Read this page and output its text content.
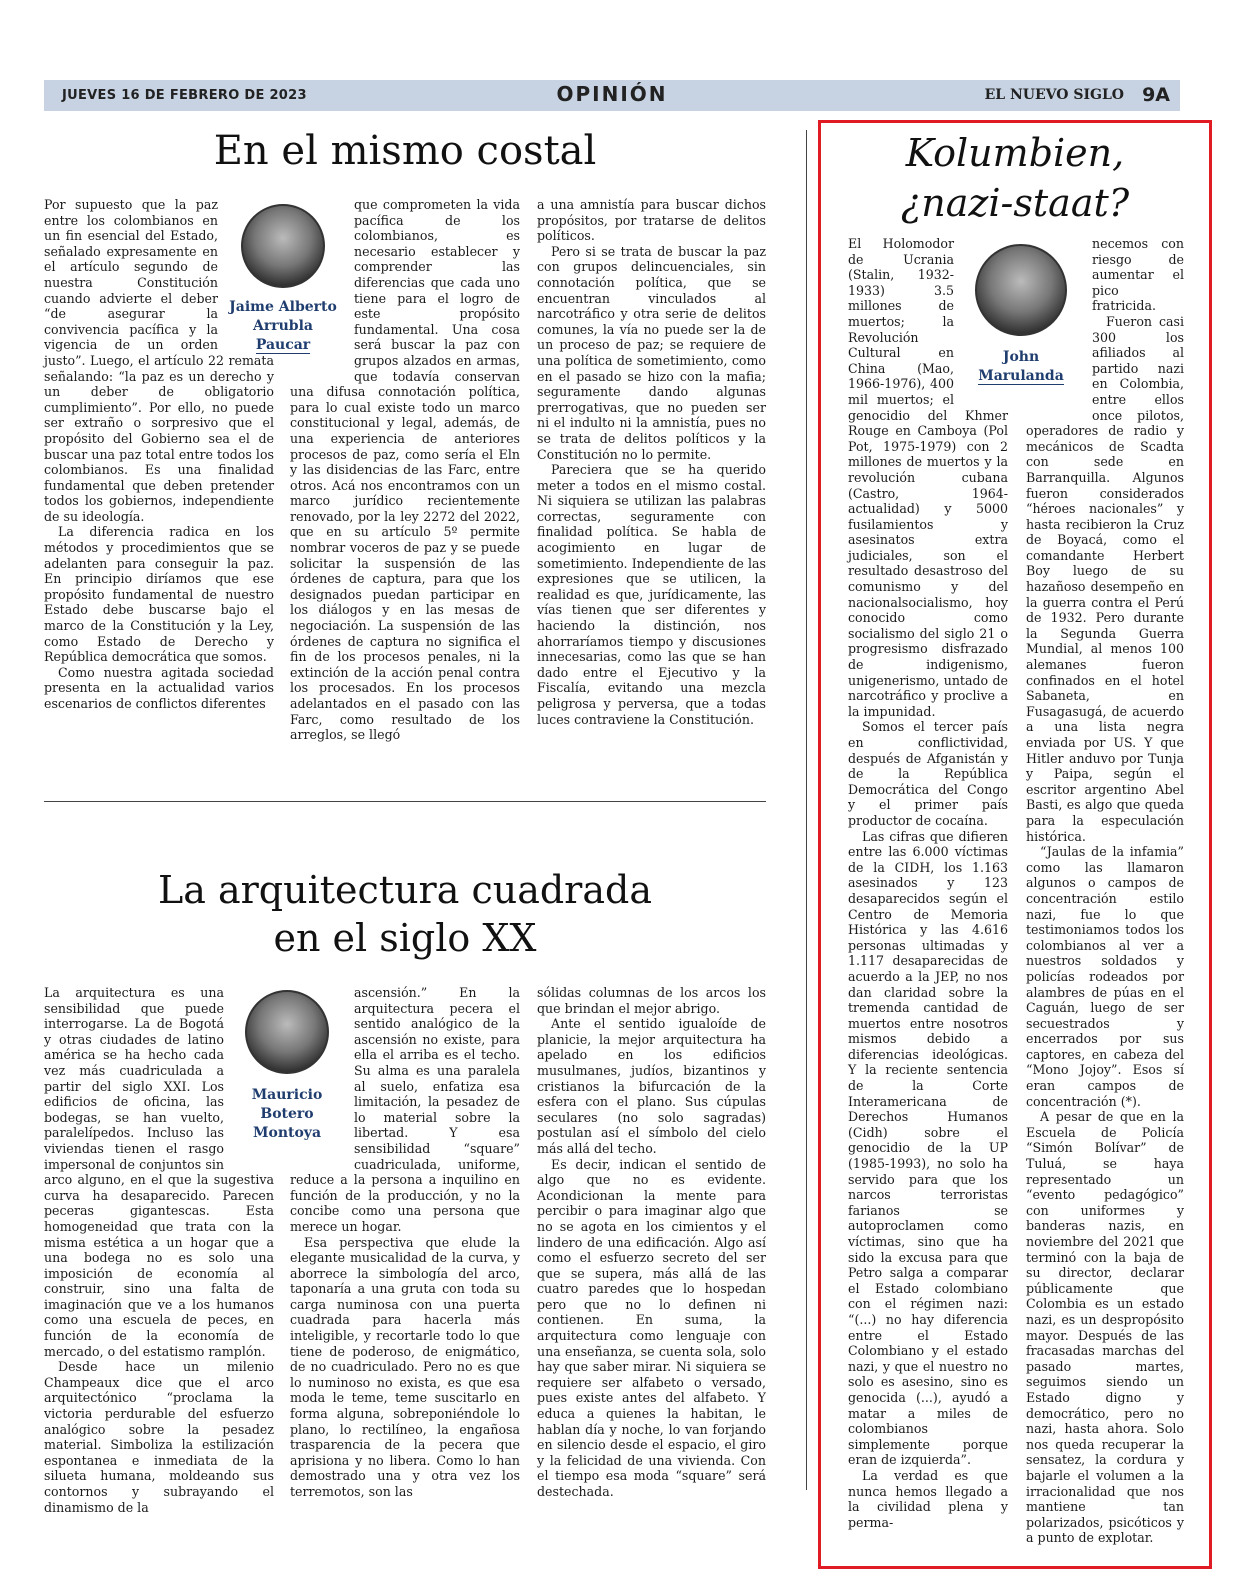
JUEVES 16 DE FEBRERO DE 2023	OPINIÓN	EL NUEVO SIGLO 9A
En el mismo costal
Jaime Alberto
Arrubla
Paucar

Por supuesto que la paz entre los colombianos en un fin esencial del Estado, señalado expresamente en el artículo segundo de nuestra Constitución cuando advierte el deber “de asegurar la convivencia pacífica y la vigencia de un orden justo”. Luego, el artículo 22 remata señalando: “la paz es un derecho y un deber de obligatorio cumplimiento”. Por ello, no puede ser extraño o sorpresivo que el propósito del Gobierno sea el de buscar una paz total entre todos los colombianos. Es una finalidad fundamental que deben pretender todos los gobiernos, independiente de su ideología.

La diferencia radica en los métodos y procedimientos que se adelanten para conseguir la paz. En principio diríamos que ese propósito fundamental de nuestro Estado debe buscarse bajo el marco de la Constitución y la Ley, como Estado de Derecho y República democrática que somos.

Como nuestra agitada sociedad presenta en la actualidad varios escenarios de conflictos diferentes

que comprometen la vida pacífica de los colombianos, es necesario establecer y comprender las diferencias que cada uno tiene para el logro de este propósito fundamental. Una cosa será buscar la paz con grupos alzados en armas, que todavía conservan una difusa connotación política, para lo cual existe todo un marco constitucional y legal, además, de una experiencia de anteriores procesos de paz, como sería el Eln y las disidencias de las Farc, entre otros. Acá nos encontramos con un marco jurídico recientemente renovado, por la ley 2272 del 2022, que en su artículo 5º permite nombrar voceros de paz y se puede solicitar la suspensión de las órdenes de captura, para que los designados puedan participar en los diálogos y en las mesas de negociación. La suspensión de las órdenes de captura no significa el fin de los procesos penales, ni la extinción de la acción penal contra los procesados. En los procesos adelantados en el pasado con las Farc, como resultado de los arreglos, se llegó

a una amnistía para buscar dichos propósitos, por tratarse de delitos políticos.

Pero si se trata de buscar la paz con grupos delincuenciales, sin connotación política, que se encuentran vinculados al narcotráfico y otra serie de delitos comunes, la vía no puede ser la de un proceso de paz; se requiere de una política de sometimiento, como en el pasado se hizo con la mafia; seguramente dando algunas prerrogativas, que no pueden ser ni el indulto ni la amnistía, pues no se trata de delitos políticos y la Constitución no lo permite.

Pareciera que se ha querido meter a todos en el mismo costal. Ni siquiera se utilizan las palabras correctas, seguramente con finalidad política. Se habla de acogimiento en lugar de sometimiento. Independiente de las expresiones que se utilicen, la realidad es que, jurídicamente, las vías tienen que ser diferentes y haciendo la distinción, nos ahorraríamos tiempo y discusiones innecesarias, como las que se han dado entre el Ejecutivo y la Fiscalía, evitando una mezcla peligrosa y perversa, que a todas luces contraviene la Constitución.

La arquitectura cuadrada
en el siglo XX
Mauricio
Botero
Montoya

La arquitectura es una sensibilidad que puede interrogarse. La de Bogotá y otras ciudades de latino américa se ha hecho cada vez más cuadriculada a partir del siglo XXI. Los edificios de oficina, las bodegas, se han vuelto, paralelípedos. Incluso las viviendas tienen el rasgo impersonal de conjuntos sin arco alguno, en el que la sugestiva curva ha desaparecido. Parecen peceras gigantescas. Esta homogeneidad que trata con la misma estética a un hogar que a una bodega no es solo una imposición de economía al construir, sino una falta de imaginación que ve a los humanos como una escuela de peces, en función de la economía de mercado, o del estatismo ramplón.

Desde hace un milenio Champeaux dice que el arco arquitectónico “proclama la victoria perdurable del esfuerzo analógico sobre la pesadez material. Simboliza la estilización espontanea e inmediata de la silueta humana, moldeando sus contornos y subrayando el dinamismo de la

ascensión.” En la arquitectura pecera el sentido analógico de la ascensión no existe, para ella el arriba es el techo. Su alma es una paralela al suelo, enfatiza esa limitación, la pesadez de lo material sobre la libertad. Y esa sensibilidad “square” cuadriculada, uniforme, reduce a la persona a inquilino en función de la producción, y no la concibe como una persona que merece un hogar.

Esa perspectiva que elude la elegante musicalidad de la curva, y aborrece la simbología del arco, taponaría a una gruta con toda su carga numinosa con una puerta cuadrada para hacerla más inteligible, y recortarle todo lo que tiene de poderoso, de enigmático, de no cuadriculado. Pero no es que lo numinoso no exista, es que esa moda le teme, teme suscitarlo en forma alguna, sobreponiéndole lo plano, lo rectilíneo, la engañosa trasparencia de la pecera que aprisiona y no libera. Como lo han demostrado una y otra vez los terremotos, son las

sólidas columnas de los arcos los que brindan el mejor abrigo.

Ante el sentido igualoíde de planicie, la mejor arquitectura ha apelado en los edificios musulmanes, judíos, bizantinos y cristianos la bifurcación de la esfera con el plano. Sus cúpulas seculares (no solo sagradas) postulan así el símbolo del cielo más allá del techo.

Es decir, indican el sentido de algo que no es evidente. Acondicionan la mente para percibir o para imaginar algo que no se agota en los cimientos y el lindero de una edificación. Algo así como el esfuerzo secreto del ser que se supera, más allá de las cuatro paredes que lo hospedan pero que no lo definen ni contienen. En suma, la arquitectura como lenguaje con una enseñanza, se cuenta sola, solo hay que saber mirar. Ni siquiera se requiere ser alfabeto o versado, pues existe antes del alfabeto. Y educa a quienes la habitan, le hablan día y noche, lo van forjando en silencio desde el espacio, el giro y la felicidad de una vivienda. Con el tiempo esa moda “square” será destechada.

Kolumbien,
¿nazi-staat?
John
Marulanda

El Holomodor de Ucrania (Stalin, 1932-1933) 3.5 millones de muertos; la Revolución Cultural en China (Mao, 1966-1976), 400 mil muertos; el genocidio del Khmer Rouge en Camboya (Pol Pot, 1975-1979) con 2 millones de muertos y la revolución cubana (Castro, 1964-actualidad) y 5000 fusilamientos y asesinatos extra judiciales, son el resultado desastroso del comunismo y del nacionalsocialismo, hoy conocido como socialismo del siglo 21 o progresismo disfrazado de indigenismo, unigenerismo, untado de narcotráfico y proclive a la impunidad.

Somos el tercer país en conflictividad, después de Afganistán y de la República Democrática del Congo y el primer país productor de cocaína.

Las cifras que difieren entre las 6.000 víctimas de la CIDH, los 1.163 asesinados y 123 desaparecidos según el Centro de Memoria Histórica y las 4.616 personas ultimadas y 1.117 desaparecidas de acuerdo a la JEP, no nos dan claridad sobre la tremenda cantidad de muertos entre nosotros mismos debido a diferencias ideológicas. Y la reciente sentencia de la Corte Interamericana de Derechos Humanos (Cidh) sobre el genocidio de la UP (1985-1993), no solo ha servido para que los narcos terroristas farianos se autoproclamen como víctimas, sino que ha sido la excusa para que Petro salga a comparar el Estado colombiano con el régimen nazi: “(...) no hay diferencia entre el Estado Colombiano y el estado nazi, y que el nuestro no solo es asesino, sino es genocida (...), ayudó a matar a miles de colombianos simplemente porque eran de izquierda”.

La verdad es que nunca hemos llegado a la civilidad plena y perma-

necemos con riesgo de aumentar el pico fratricida.

Fueron casi 300 los afiliados al partido nazi en Colombia, entre ellos once pilotos, operadores de radio y mecánicos de Scadta con sede en Barranquilla. Algunos fueron considerados “héroes nacionales” y hasta recibieron la Cruz de Boyacá, como el comandante Herbert Boy luego de su hazañoso desempeño en la guerra contra el Perú de 1932. Pero durante la Segunda Guerra Mundial, al menos 100 alemanes fueron confinados en el hotel Sabaneta, en Fusagasugá, de acuerdo a una lista negra enviada por US. Y que Hitler anduvo por Tunja y Paipa, según el escritor argentino Abel Basti, es algo que queda para la especulación histórica.

“Jaulas de la infamia” como las llamaron algunos o campos de concentración estilo nazi, fue lo que testimoniamos todos los colombianos al ver a nuestros soldados y policías rodeados por alambres de púas en el Caguán, luego de ser secuestrados y encerrados por sus captores, en cabeza del “Mono Jojoy”. Esos sí eran campos de concentración (*).

A pesar de que en la Escuela de Policía “Simón Bolívar” de Tuluá, se haya representado un “evento pedagógico” con uniformes y banderas nazis, en noviembre del 2021 que terminó con la baja de su director, declarar públicamente que Colombia es un estado nazi, es un despropósito mayor. Después de las fracasadas marchas del pasado martes, seguimos siendo un Estado digno y democrático, pero no nazi, hasta ahora. Solo nos queda recuperar la sensatez, la cordura y bajarle el volumen a la irracionalidad que nos mantiene tan polarizados, psicóticos y a punto de explotar.
